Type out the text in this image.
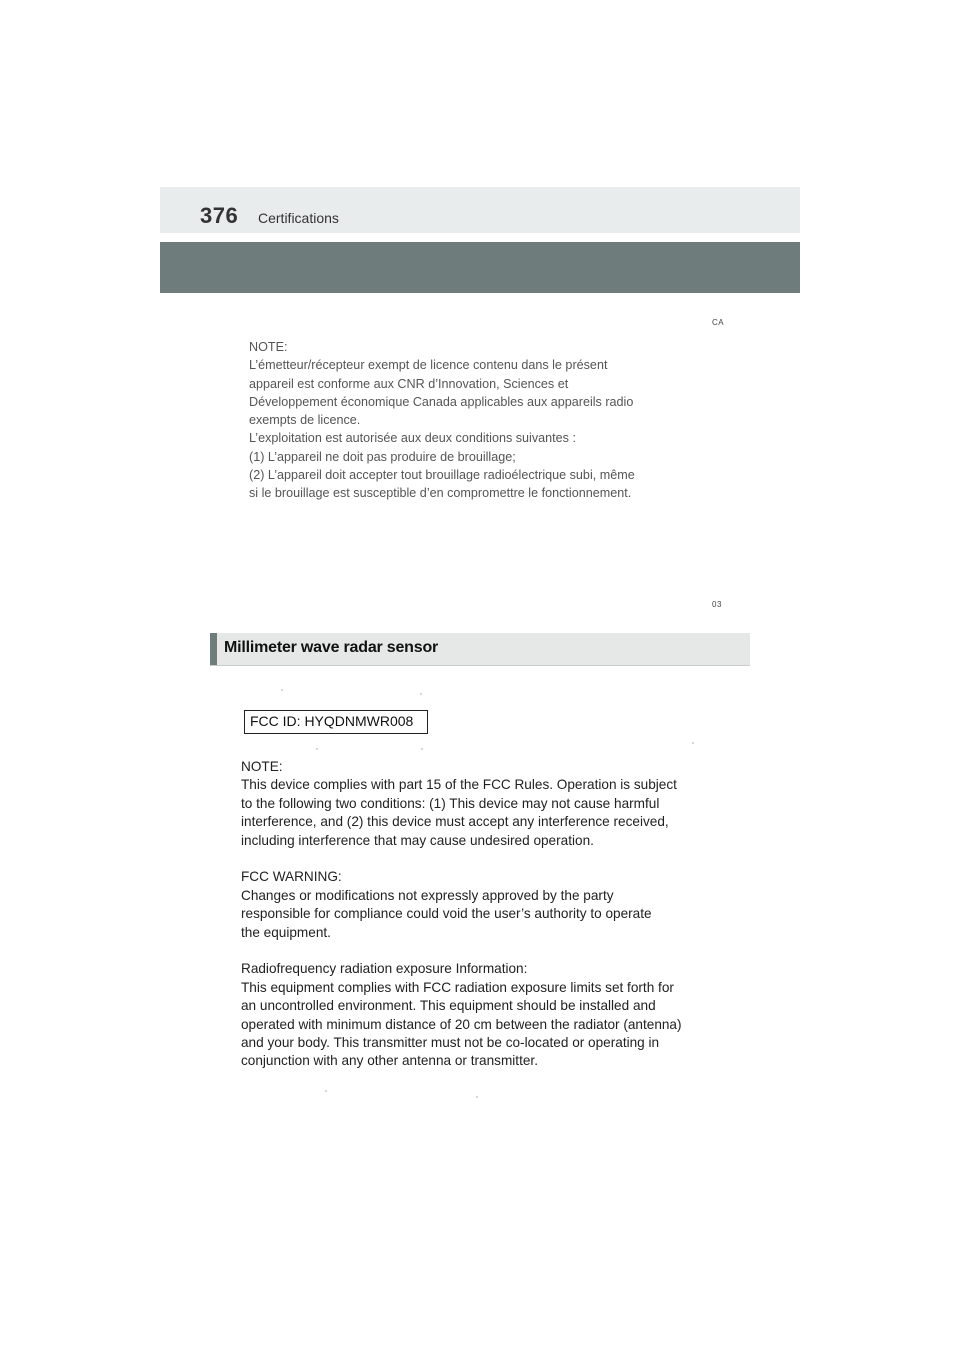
376 Certifications
CA

NOTE:

L’émetteur/récepteur exempt de licence contenu dans le présent

appareil est conforme aux CNR d’Innovation, Sciences et

Développement économique Canada applicables aux appareils radio

exempts de licence.

L’exploitation est autorisée aux deux conditions suivantes :

(1) L’appareil ne doit pas produire de brouillage;

(2) L’appareil doit accepter tout brouillage radioélectrique subi, même

si le brouillage est susceptible d’en compromettre le fonctionnement.

03
Millimeter wave radar sensor
FCC ID: HYQDNMWR008

NOTE:

This device complies with part 15 of the FCC Rules. Operation is subject

to the following two conditions: (1) This device may not cause harmful

interference, and (2) this device must accept any interference received,

including interference that may cause undesired operation.

FCC WARNING:

Changes or modifications not expressly approved by the party

responsible for compliance could void the user’s authority to operate

the equipment.

Radiofrequency radiation exposure Information:

This equipment complies with FCC radiation exposure limits set forth for

an uncontrolled environment. This equipment should be installed and

operated with minimum distance of 20 cm between the radiator (antenna)

and your body. This transmitter must not be co-located or operating in

conjunction with any other antenna or transmitter.
